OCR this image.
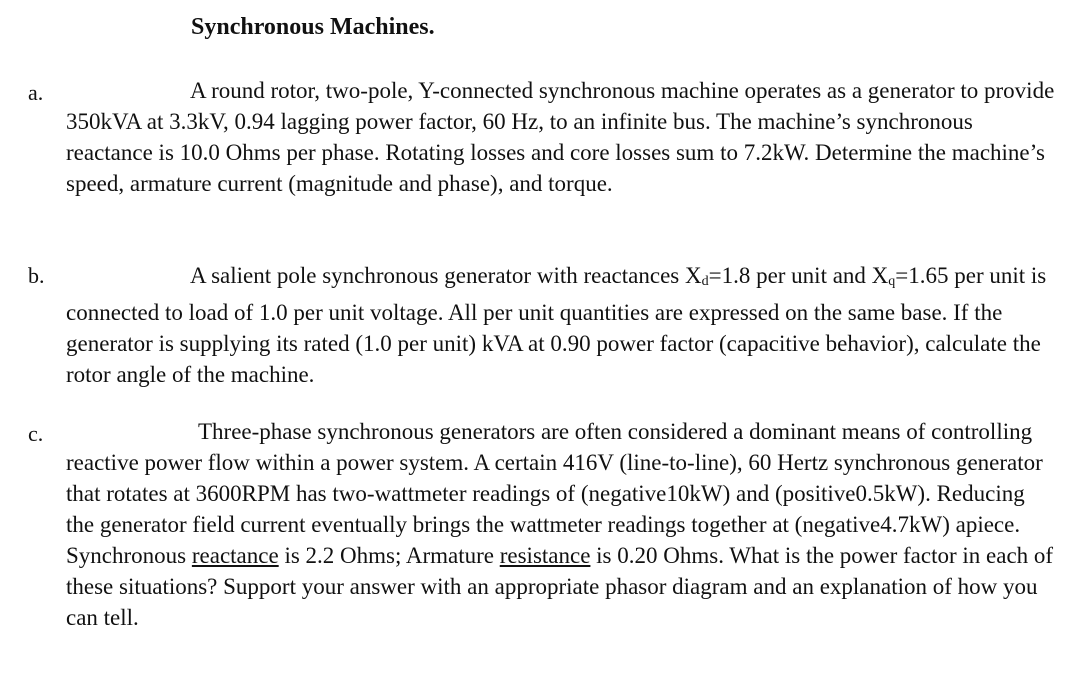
Synchronous Machines.
a.	A round rotor, two-pole, Y-connected synchronous machine operates as a generator to provide 350kVA at 3.3kV, 0.94 lagging power factor, 60 Hz, to an infinite bus. The machine’s synchronous reactance is 10.0 Ohms per phase. Rotating losses and core losses sum to 7.2kW. Determine the machine’s speed, armature current (magnitude and phase), and torque.

b.	A salient pole synchronous generator with reactances $X_d=1.8$ per unit and $X_q=1.65$ per unit is connected to load of 1.0 per unit voltage. All per unit quantities are expressed on the same base. If the generator is supplying its rated (1.0 per unit) kVA at 0.90 power factor (capacitive behavior), calculate the rotor angle of the machine.

c.	Three-phase synchronous generators are often considered a dominant means of controlling reactive power flow within a power system. A certain 416V (line-to-line), 60 Hertz synchronous generator that rotates at 3600RPM has two-wattmeter readings of (negative10kW) and (positive0.5kW). Reducing the generator field current eventually brings the wattmeter readings together at (negative4.7kW) apiece. Synchronous reactance is 2.2 Ohms; Armature resistance is 0.20 Ohms. What is the power factor in each of these situations? Support your answer with an appropriate phasor diagram and an explanation of how you can tell.
